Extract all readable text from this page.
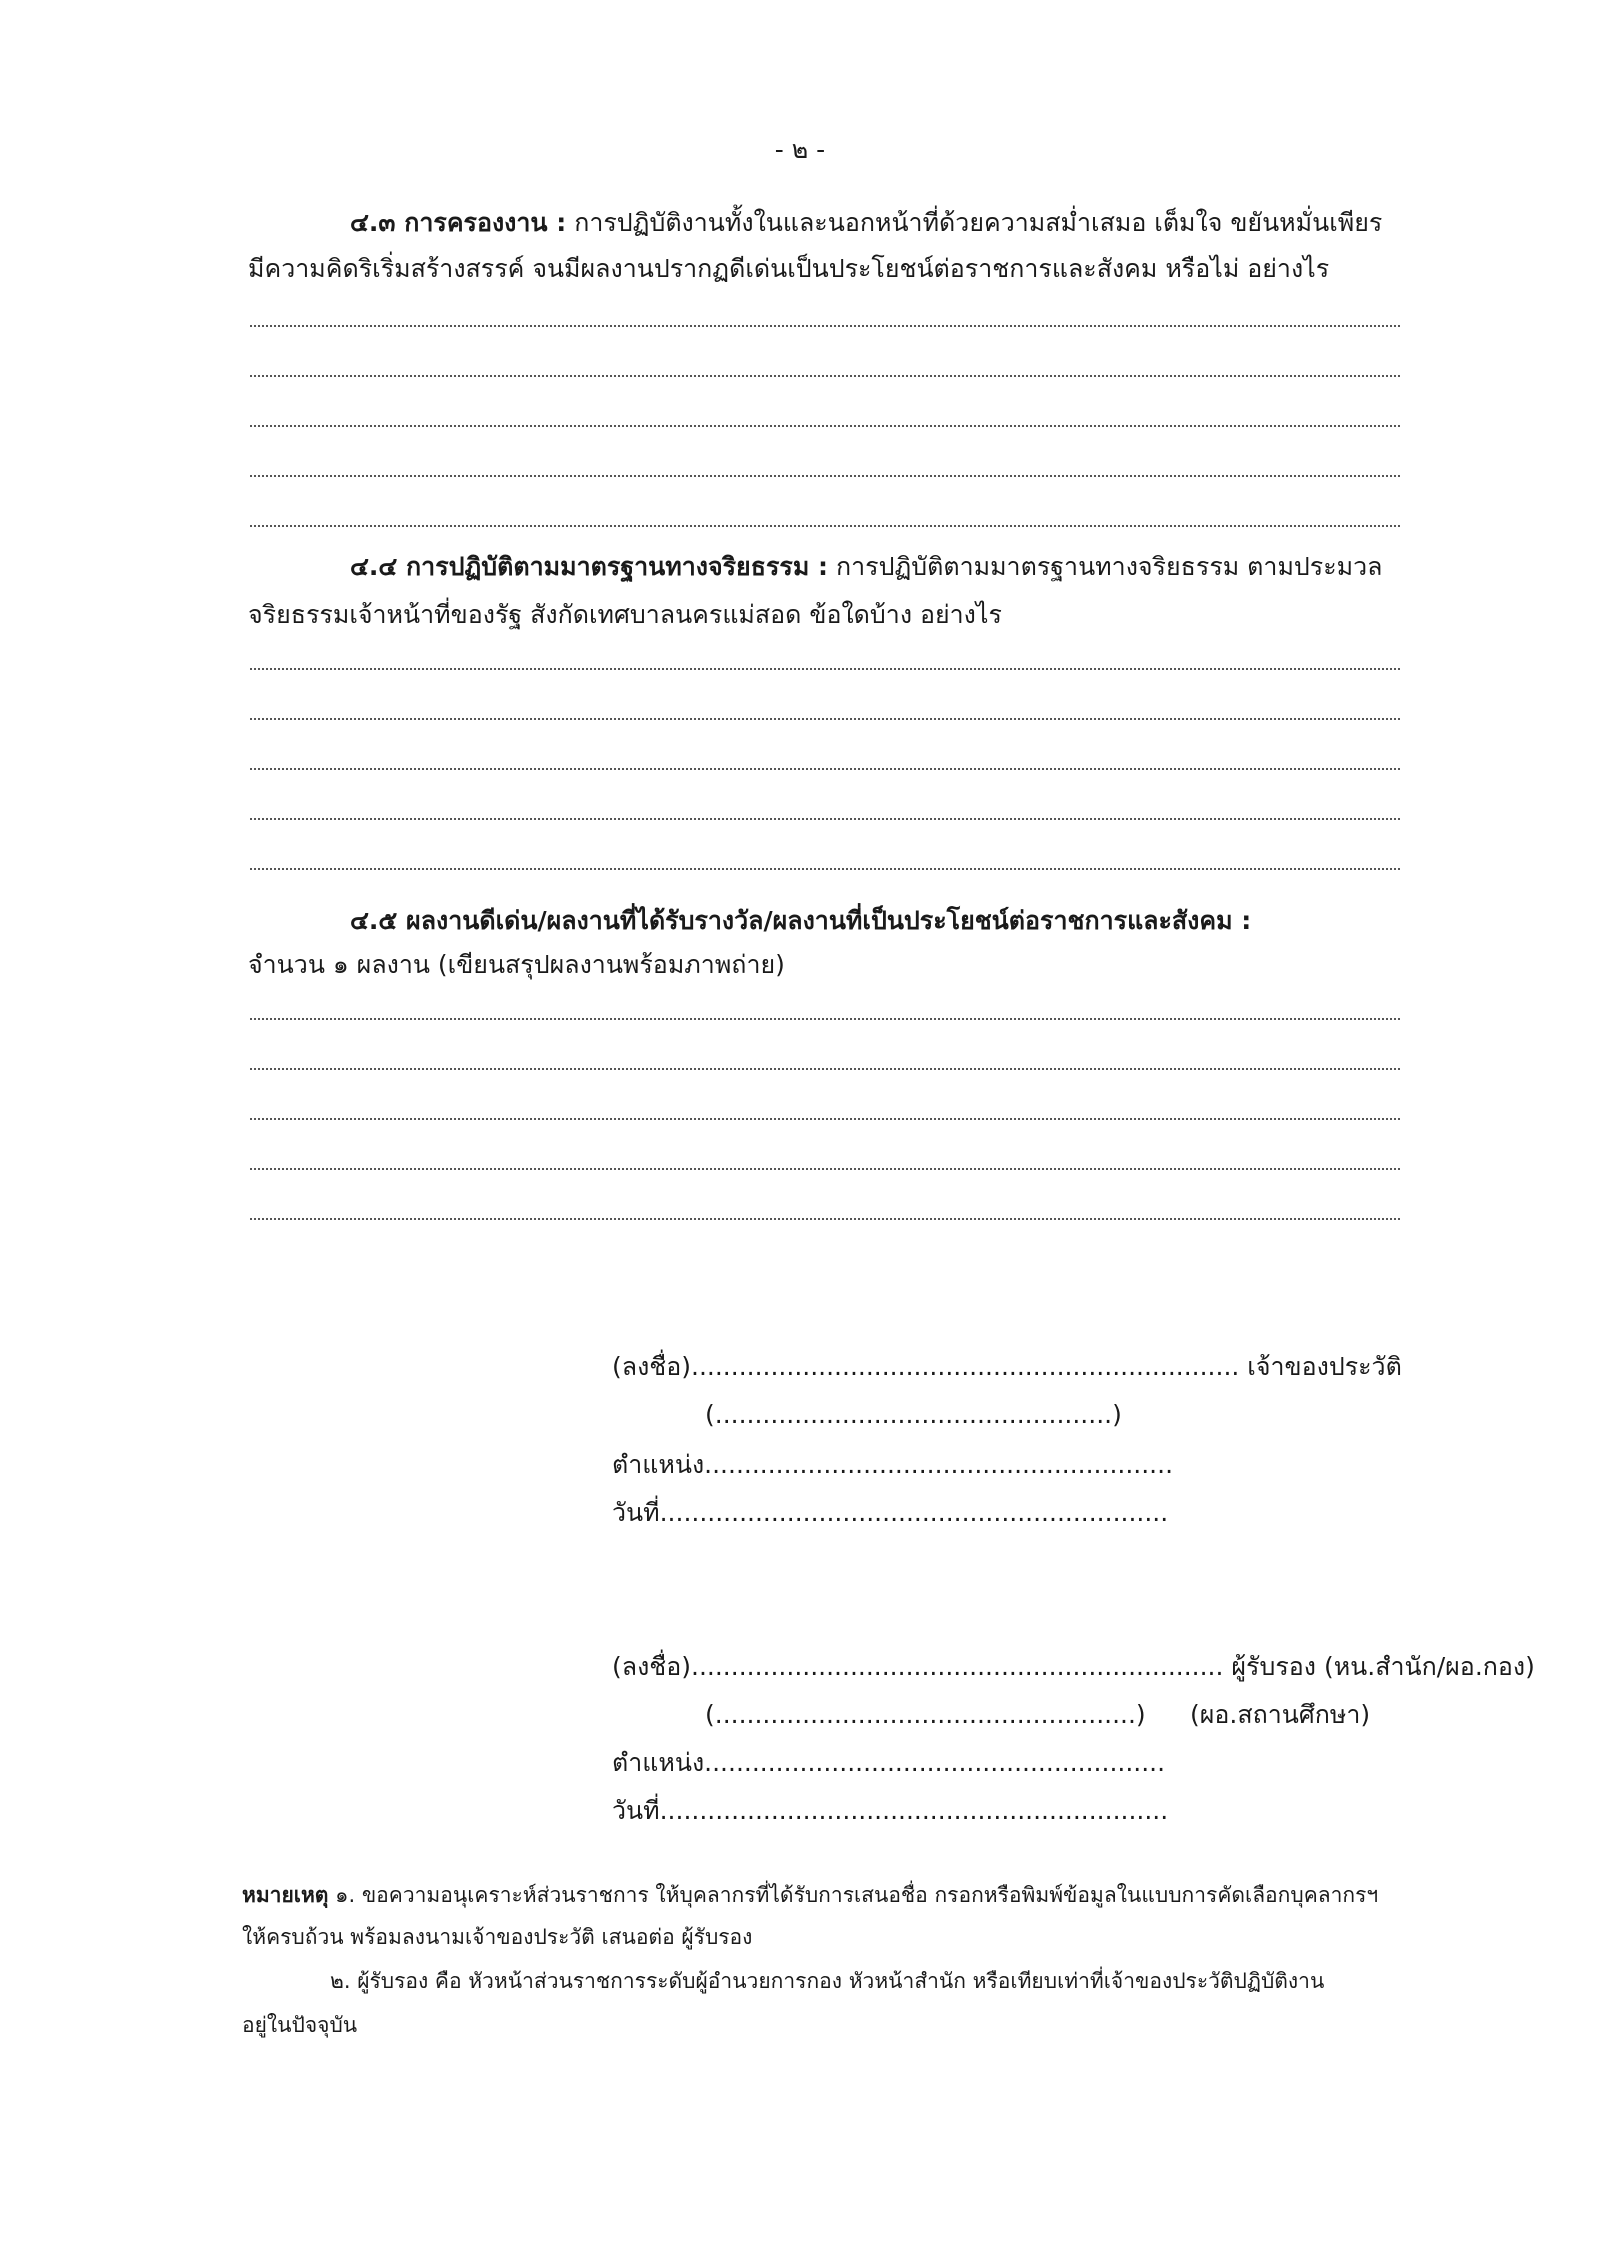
- ๒ -
๔.๓ การครองงาน : การปฏิบัติงานทั้งในและนอกหน้าที่ด้วยความสม่ำเสมอ เต็มใจ ขยันหมั่นเพียร
มีความคิดริเริ่มสร้างสรรค์ จนมีผลงานปรากฏดีเด่นเป็นประโยชน์ต่อราชการและสังคม หรือไม่ อย่างไร
๔.๔ การปฏิบัติตามมาตรฐานทางจริยธรรม : การปฏิบัติตามมาตรฐานทางจริยธรรม ตามประมวล
จริยธรรมเจ้าหน้าที่ของรัฐ สังกัดเทศบาลนครแม่สอด ข้อใดบ้าง อย่างไร
๔.๕ ผลงานดีเด่น/ผลงานที่ได้รับรางวัล/ผลงานที่เป็นประโยชน์ต่อราชการและสังคม :
จำนวน ๑ ผลงาน (เขียนสรุปผลงานพร้อมภาพถ่าย)
(ลงชื่อ)..................................................................... เจ้าของประวัติ
(..................................................)
ตำแหน่ง...........................................................
วันที่................................................................
(ลงชื่อ)................................................................... ผู้รับรอง (หน.สำนัก/ผอ.กอง)
(.....................................................) (ผอ.สถานศึกษา)
ตำแหน่ง..........................................................
วันที่................................................................
หมายเหตุ ๑. ขอความอนุเคราะห์ส่วนราชการ ให้บุคลากรที่ได้รับการเสนอชื่อ กรอกหรือพิมพ์ข้อมูลในแบบการคัดเลือกบุคลากรฯ
ให้ครบถ้วน พร้อมลงนามเจ้าของประวัติ เสนอต่อ ผู้รับรอง
๒. ผู้รับรอง คือ หัวหน้าส่วนราชการระดับผู้อำนวยการกอง หัวหน้าสำนัก หรือเทียบเท่าที่เจ้าของประวัติปฏิบัติงาน
อยู่ในปัจจุบัน
